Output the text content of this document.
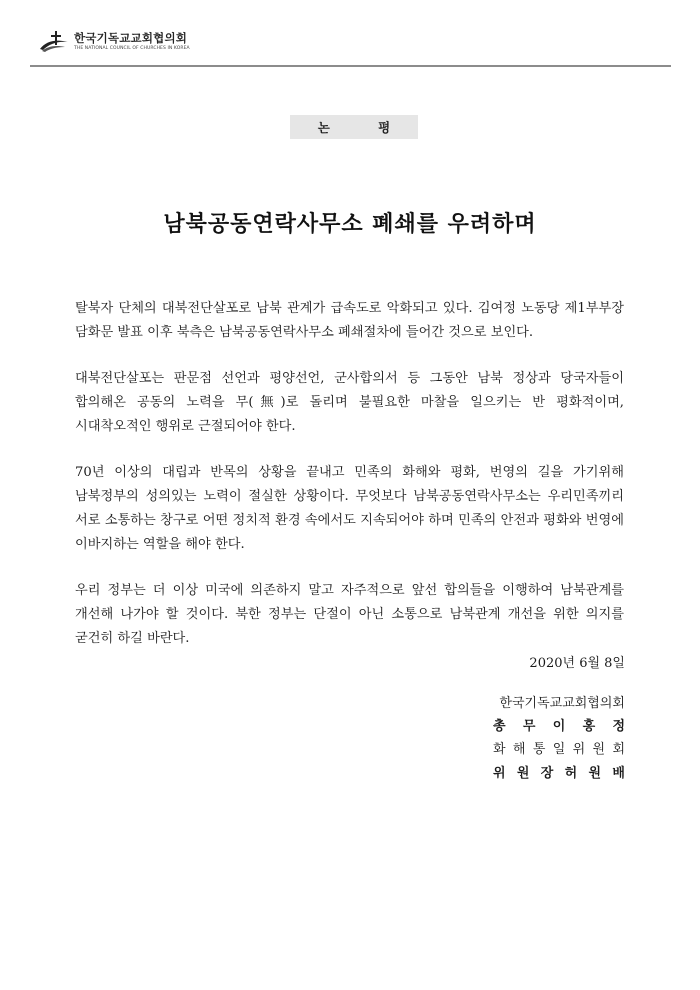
한국기독교교회협의회
THE NATIONAL COUNCIL OF CHURCHES IN KOREA
논 평
남북공동연락사무소 폐쇄를 우려하며

탈북자 단체의 대북전단살포로 남북 관계가 급속도로 악화되고 있다. 김여정 노동당 제1부부장 담화문 발표 이후 북측은 남북공동연락사무소 폐쇄절차에 들어간 것으로 보인다.

대북전단살포는 판문점 선언과 평양선언, 군사합의서 등 그동안 남북 정상과 당국자들이 합의해온 공동의 노력을 무(無)로 돌리며 불필요한 마찰을 일으키는 반 평화적이며, 시대착오적인 행위로 근절되어야 한다.

70년 이상의 대립과 반목의 상황을 끝내고 민족의 화해와 평화, 번영의 길을 가기위해 남북정부의 성의있는 노력이 절실한 상황이다. 무엇보다 남북공동연락사무소는 우리민족끼리 서로 소통하는 창구로 어떤 정치적 환경 속에서도 지속되어야 하며 민족의 안전과 평화와 번영에 이바지하는 역할을 해야 한다.

우리 정부는 더 이상 미국에 의존하지 말고 자주적으로 앞선 합의들을 이행하여 남북관계를 개선해 나가야 할 것이다. 북한 정부는 단절이 아닌 소통으로 남북관계 개선을 위한 의지를 굳건히 하길 바란다.

2020년 6월 8일
한국기독교교회협의회
총 무 이 홍 정
화 해 통 일 위 원 회
위 원 장 허 원 배
